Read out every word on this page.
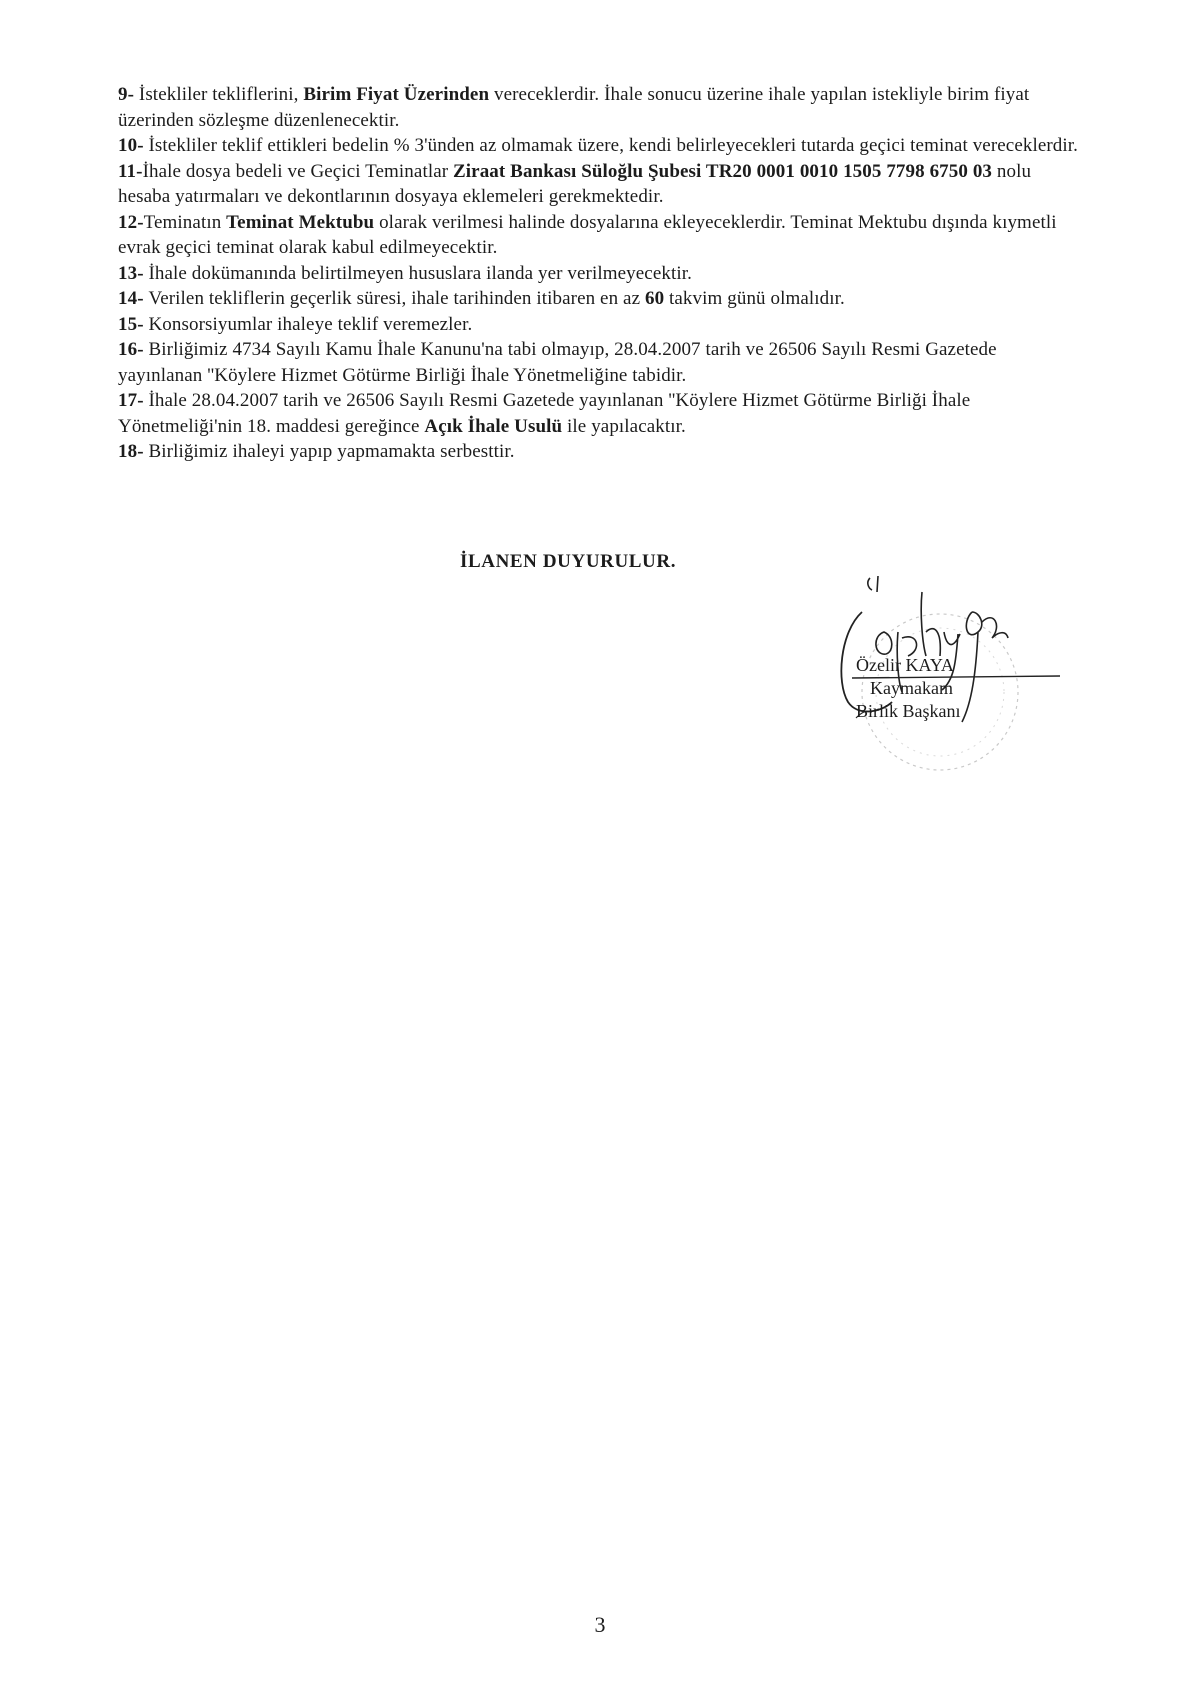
9- İstekliler tekliflerini, Birim Fiyat Üzerinden vereceklerdir. İhale sonucu üzerine ihale yapılan istekliyle birim fiyat üzerinden sözleşme düzenlenecektir.

10- İstekliler teklif ettikleri bedelin % 3'ünden az olmamak üzere, kendi belirleyecekleri tutarda geçici teminat vereceklerdir.

11-İhale dosya bedeli ve Geçici Teminatlar Ziraat Bankası Süloğlu Şubesi TR20 0001 0010 1505 7798 6750 03 nolu hesaba yatırmaları ve dekontlarının dosyaya eklemeleri gerekmektedir.

12-Teminatın Teminat Mektubu olarak verilmesi halinde dosyalarına ekleyeceklerdir. Teminat Mektubu dışında kıymetli evrak geçici teminat olarak kabul edilmeyecektir.

13- İhale dokümanında belirtilmeyen hususlara ilanda yer verilmeyecektir.

14- Verilen tekliflerin geçerlik süresi, ihale tarihinden itibaren en az 60 takvim günü olmalıdır.

15- Konsorsiyumlar ihaleye teklif veremezler.

16- Birliğimiz 4734 Sayılı Kamu İhale Kanunu'na tabi olmayıp, 28.04.2007 tarih ve 26506 Sayılı Resmi Gazetede yayınlanan ''Köylere Hizmet Götürme Birliği İhale Yönetmeliğine tabidir.

17- İhale 28.04.2007 tarih ve 26506 Sayılı Resmi Gazetede yayınlanan ''Köylere Hizmet Götürme Birliği İhale Yönetmeliği'nin 18. maddesi gereğince Açık İhale Usulü ile yapılacaktır.

18- Birliğimiz ihaleyi yapıp yapmamakta serbesttir.

İLANEN DUYURULUR.
Özelir KAYA
Kaymakam
Birlik Başkanı
3
